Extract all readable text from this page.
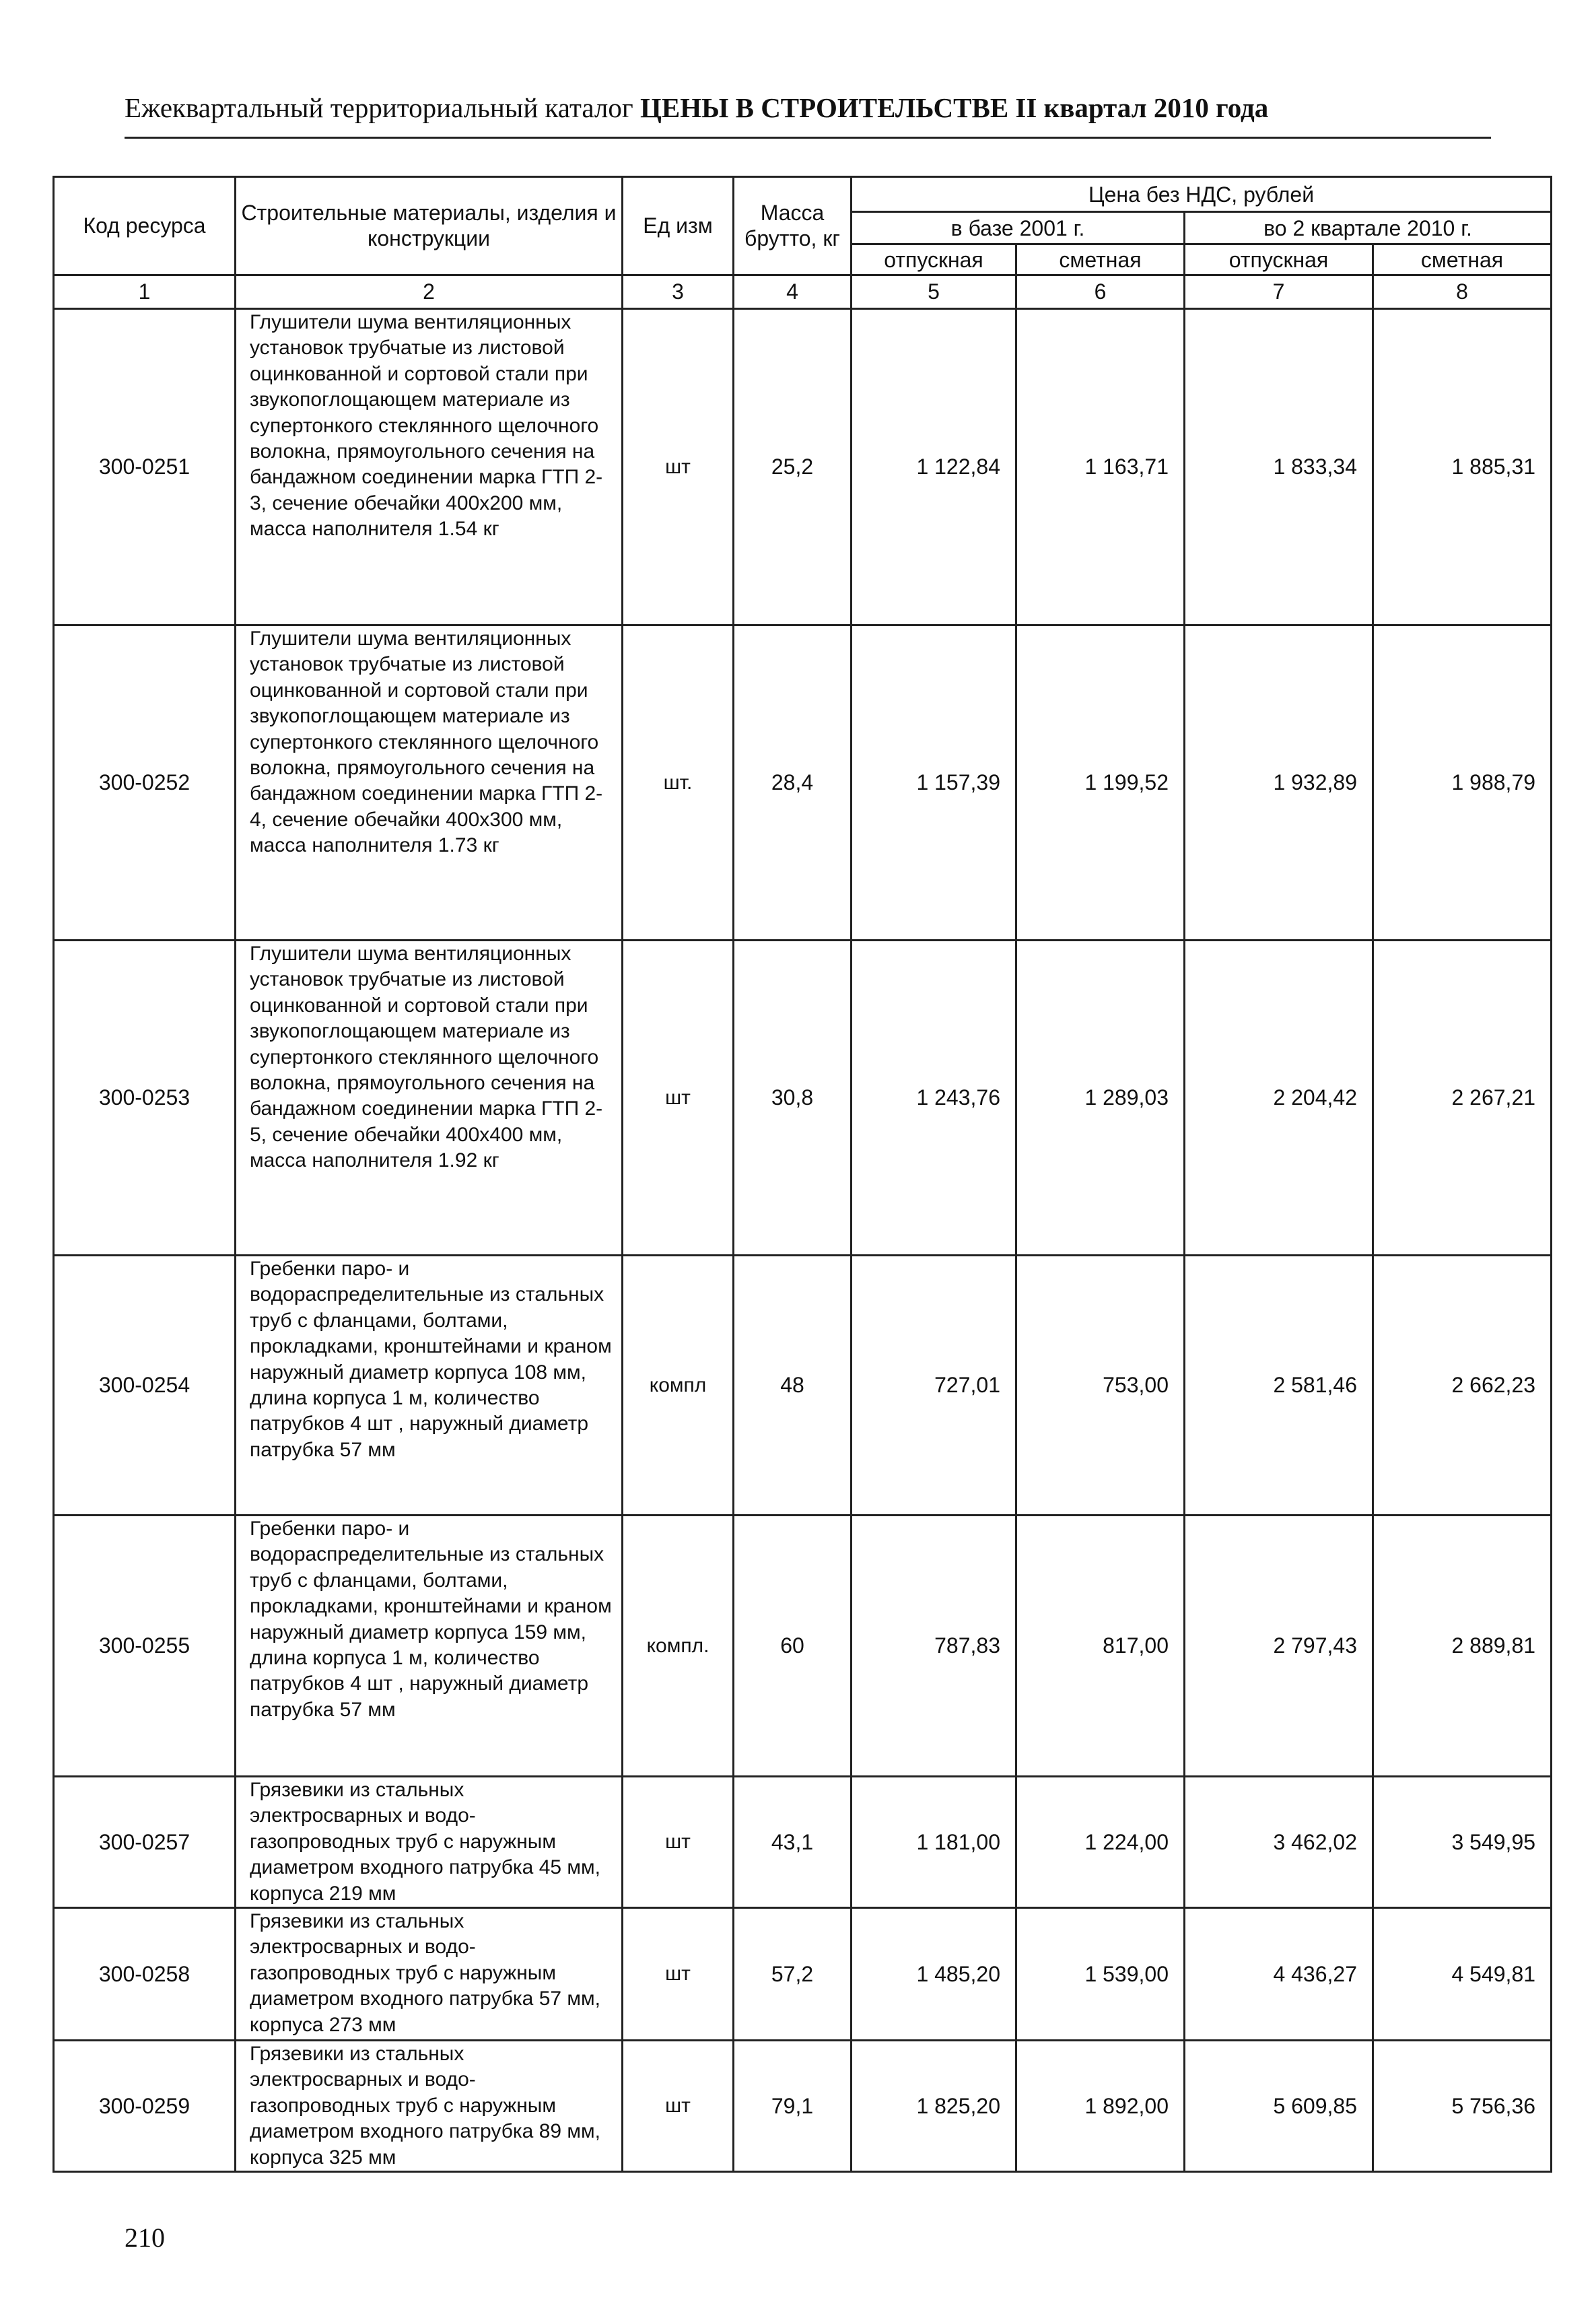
Ежеквартальный территориальный каталог ЦЕНЫ В СТРОИТЕЛЬСТВЕ II квартал 2010 года
Код ресурса	Строительные материалы, изделия и конструкции	Ед изм	Масса брутто, кг	Цена без НДС, рублей			
				в базе 2001 г.		во 2 квартале 2010 г.	
				отпускная	сметная	отпускная	сметная
1	2	3	4	5	6	7	8
300-0251	Глушители шума вентиляционных установок трубчатые из листовой оцинкованной и сортовой стали при звукопоглощающем материале из супертонкого стеклянного щелочного волокна, прямоугольного сечения на бандажном соединении марка ГТП 2-3, сечение обечайки 400х200 мм, масса наполнителя 1.54 кг	шт	25,2	1 122,84	1 163,71	1 833,34	1 885,31
300-0252	Глушители шума вентиляционных установок трубчатые из листовой оцинкованной и сортовой стали при звукопоглощающем материале из супертонкого стеклянного щелочного волокна, прямоугольного сечения на бандажном соединении марка ГТП 2-4, сечение обечайки 400х300 мм, масса наполнителя 1.73 кг	шт.	28,4	1 157,39	1 199,52	1 932,89	1 988,79
300-0253	Глушители шума вентиляционных установок трубчатые из листовой оцинкованной и сортовой стали при звукопоглощающем материале из супертонкого стеклянного щелочного волокна, прямоугольного сечения на бандажном соединении марка ГТП 2-5, сечение обечайки 400х400 мм, масса наполнителя 1.92 кг	шт	30,8	1 243,76	1 289,03	2 204,42	2 267,21
300-0254	Гребенки паро- и водораспределительные из стальных труб с фланцами, болтами, прокладками, кронштейнами и краном наружный диаметр корпуса 108 мм, длина корпуса 1 м, количество патрубков 4 шт , наружный диаметр патрубка 57 мм	компл	48	727,01	753,00	2 581,46	2 662,23
300-0255	Гребенки паро- и водораспределительные из стальных труб с фланцами, болтами, прокладками, кронштейнами и краном наружный диаметр корпуса 159 мм, длина корпуса 1 м, количество патрубков 4 шт , наружный диаметр патрубка 57 мм	компл.	60	787,83	817,00	2 797,43	2 889,81
300-0257	Грязевики из стальных электросварных и водо-газопроводных труб с наружным диаметром входного патрубка 45 мм, корпуса 219 мм	шт	43,1	1 181,00	1 224,00	3 462,02	3 549,95
300-0258	Грязевики из стальных электросварных и водо-газопроводных труб с наружным диаметром входного патрубка 57 мм, корпуса 273 мм	шт	57,2	1 485,20	1 539,00	4 436,27	4 549,81
300-0259	Грязевики из стальных электросварных и водо-газопроводных труб с наружным диаметром входного патрубка 89 мм, корпуса 325 мм	шт	79,1	1 825,20	1 892,00	5 609,85	5 756,36
210
